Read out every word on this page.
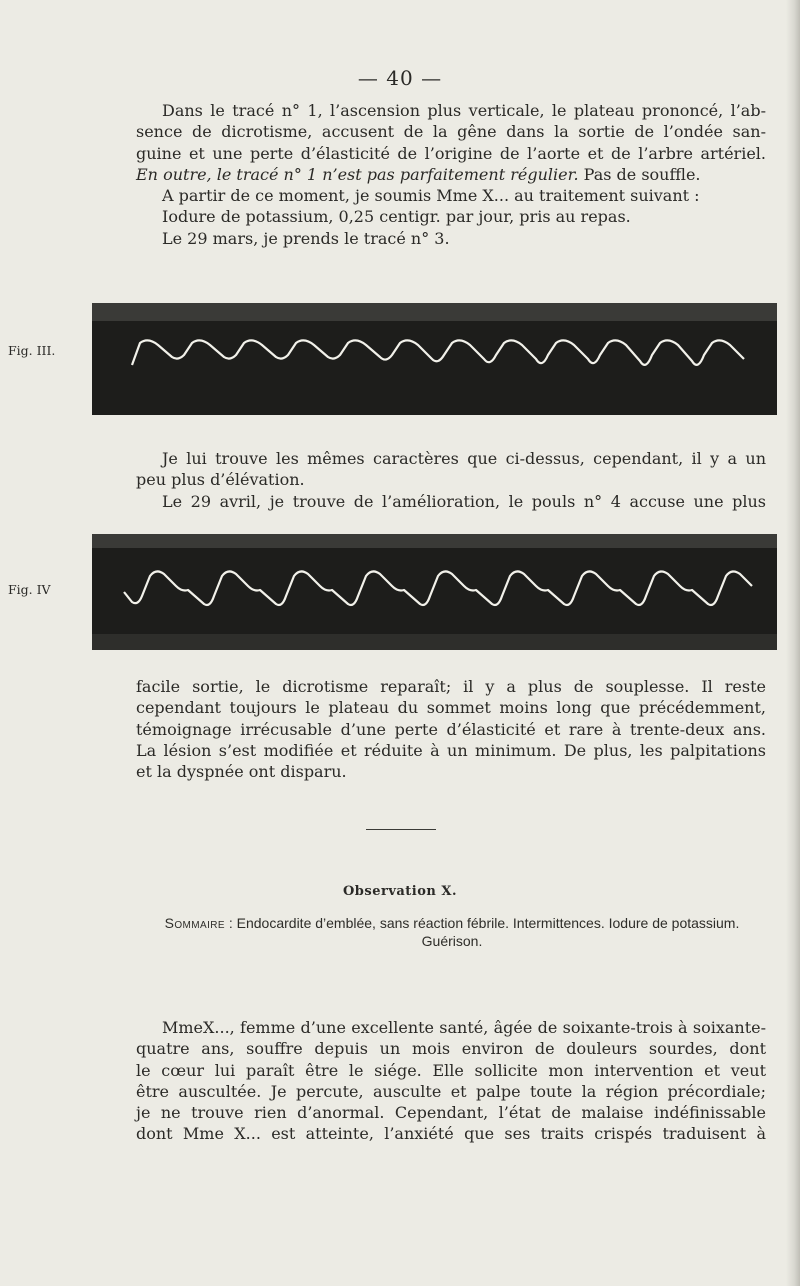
— 40 —
Dans le tracé n° 1, l’ascension plus verticale, le plateau prononcé, l’ab-
sence de dicrotisme, accusent de la gêne dans la sortie de l’ondée san-
guine et une perte d’élasticité de l’origine de l’aorte et de l’arbre artériel.
En outre, le tracé n° 1 n’est pas parfaitement régulier. Pas de souffle.
A partir de ce moment, je soumis Mme X... au traitement suivant :
Iodure de potassium, 0,25 centigr. par jour, pris au repas.
Le 29 mars, je prends le tracé n° 3.
Fig. III.
Je lui trouve les mêmes caractères que ci-dessus, cependant, il y a un
peu plus d’élévation.
Le 29 avril, je trouve de l’amélioration, le pouls n° 4 accuse une plus
Fig. IV
facile sortie, le dicrotisme reparaît; il y a plus de souplesse. Il reste
cependant toujours le plateau du sommet moins long que précédemment,
témoignage irrécusable d’une perte d’élasticité et rare à trente-deux ans.
La lésion s’est modifiée et réduite à un minimum. De plus, les palpitations
et la dyspnée ont disparu.
Observation X.
Sommaire : Endocardite d’emblée, sans réaction fébrile. Intermittences. Iodure de potassium.
Guérison.
MmeX..., femme d’une excellente santé, âgée de soixante-trois à soixante-
quatre ans, souffre depuis un mois environ de douleurs sourdes, dont
le cœur lui paraît être le siége. Elle sollicite mon intervention et veut
être auscultée. Je percute, ausculte et palpe toute la région précordiale;
je ne trouve rien d’anormal. Cependant, l’état de malaise indéfinissable
dont Mme X... est atteinte, l’anxiété que ses traits crispés traduisent à
